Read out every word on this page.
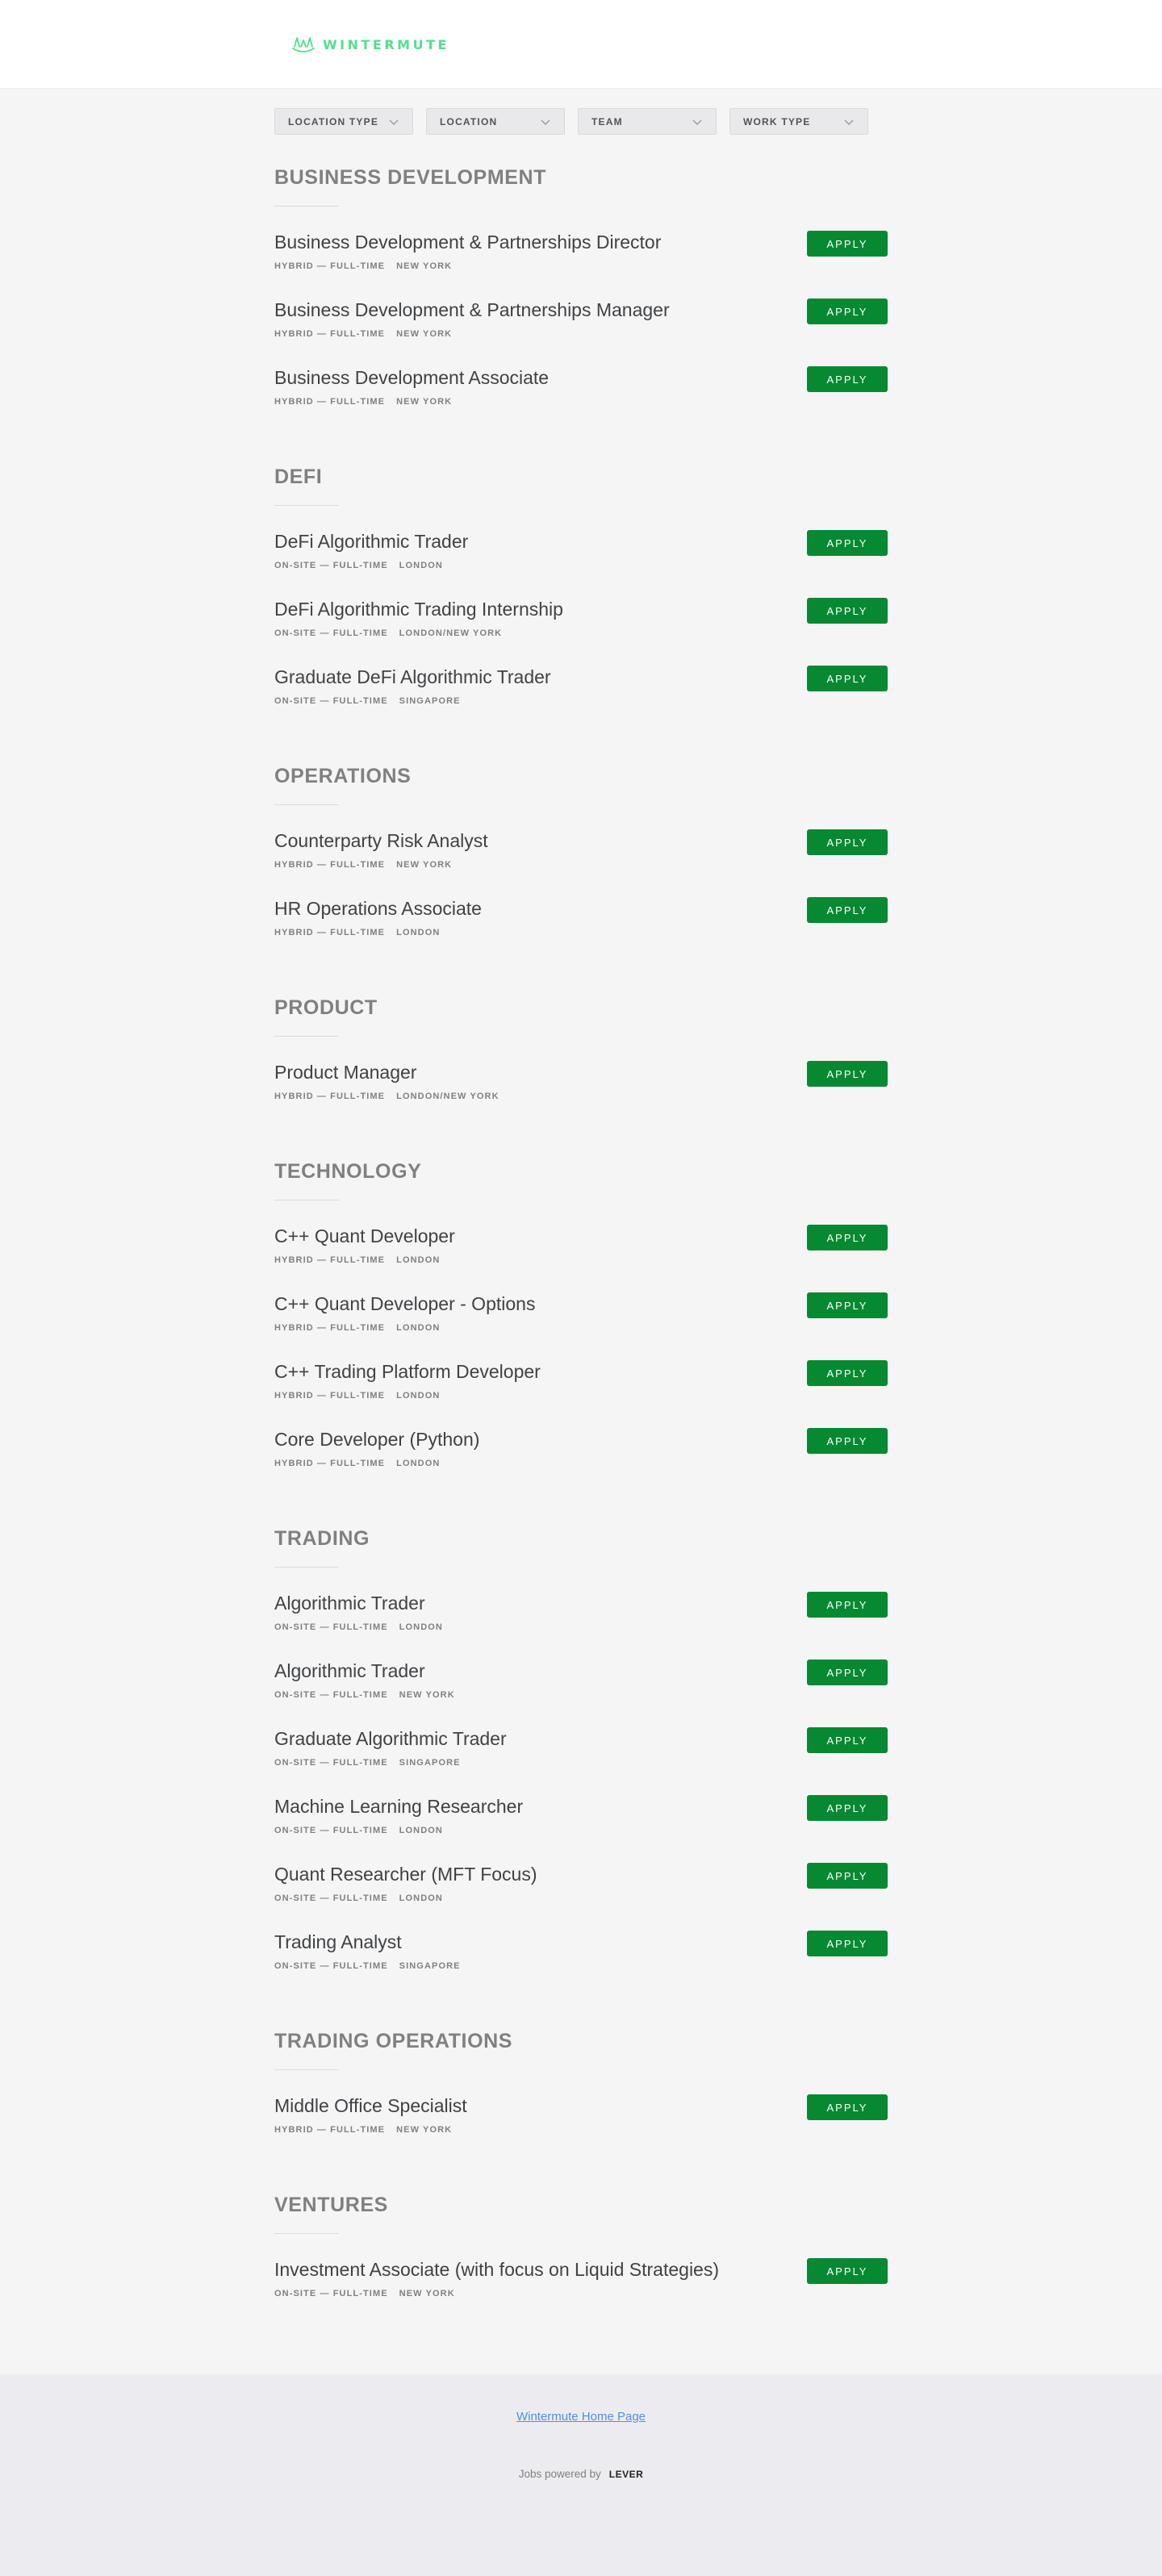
WINTERMUTE
LOCATION TYPE	LOCATION	TEAM	WORK TYPE
BUSINESS DEVELOPMENT
Business Development & Partnerships Director
HYBRID — FULL-TIME NEW YORK
APPLY
Business Development & Partnerships Manager
HYBRID — FULL-TIME NEW YORK
APPLY
Business Development Associate
HYBRID — FULL-TIME NEW YORK
APPLY
DEFI
DeFi Algorithmic Trader
ON-SITE — FULL-TIME LONDON
APPLY
DeFi Algorithmic Trading Internship
ON-SITE — FULL-TIME LONDON/NEW YORK
APPLY
Graduate DeFi Algorithmic Trader
ON-SITE — FULL-TIME SINGAPORE
APPLY
OPERATIONS
Counterparty Risk Analyst
HYBRID — FULL-TIME NEW YORK
APPLY
HR Operations Associate
HYBRID — FULL-TIME LONDON
APPLY
PRODUCT
Product Manager
HYBRID — FULL-TIME LONDON/NEW YORK
APPLY
TECHNOLOGY
C++ Quant Developer
HYBRID — FULL-TIME LONDON
APPLY
C++ Quant Developer - Options
HYBRID — FULL-TIME LONDON
APPLY
C++ Trading Platform Developer
HYBRID — FULL-TIME LONDON
APPLY
Core Developer (Python)
HYBRID — FULL-TIME LONDON
APPLY
TRADING
Algorithmic Trader
ON-SITE — FULL-TIME LONDON
APPLY
Algorithmic Trader
ON-SITE — FULL-TIME NEW YORK
APPLY
Graduate Algorithmic Trader
ON-SITE — FULL-TIME SINGAPORE
APPLY
Machine Learning Researcher
ON-SITE — FULL-TIME LONDON
APPLY
Quant Researcher (MFT Focus)
ON-SITE — FULL-TIME LONDON
APPLY
Trading Analyst
ON-SITE — FULL-TIME SINGAPORE
APPLY
TRADING OPERATIONS
Middle Office Specialist
HYBRID — FULL-TIME NEW YORK
APPLY
VENTURES
Investment Associate (with focus on Liquid Strategies)
ON-SITE — FULL-TIME NEW YORK
APPLY
Wintermute Home Page
Jobs powered by LEVER
